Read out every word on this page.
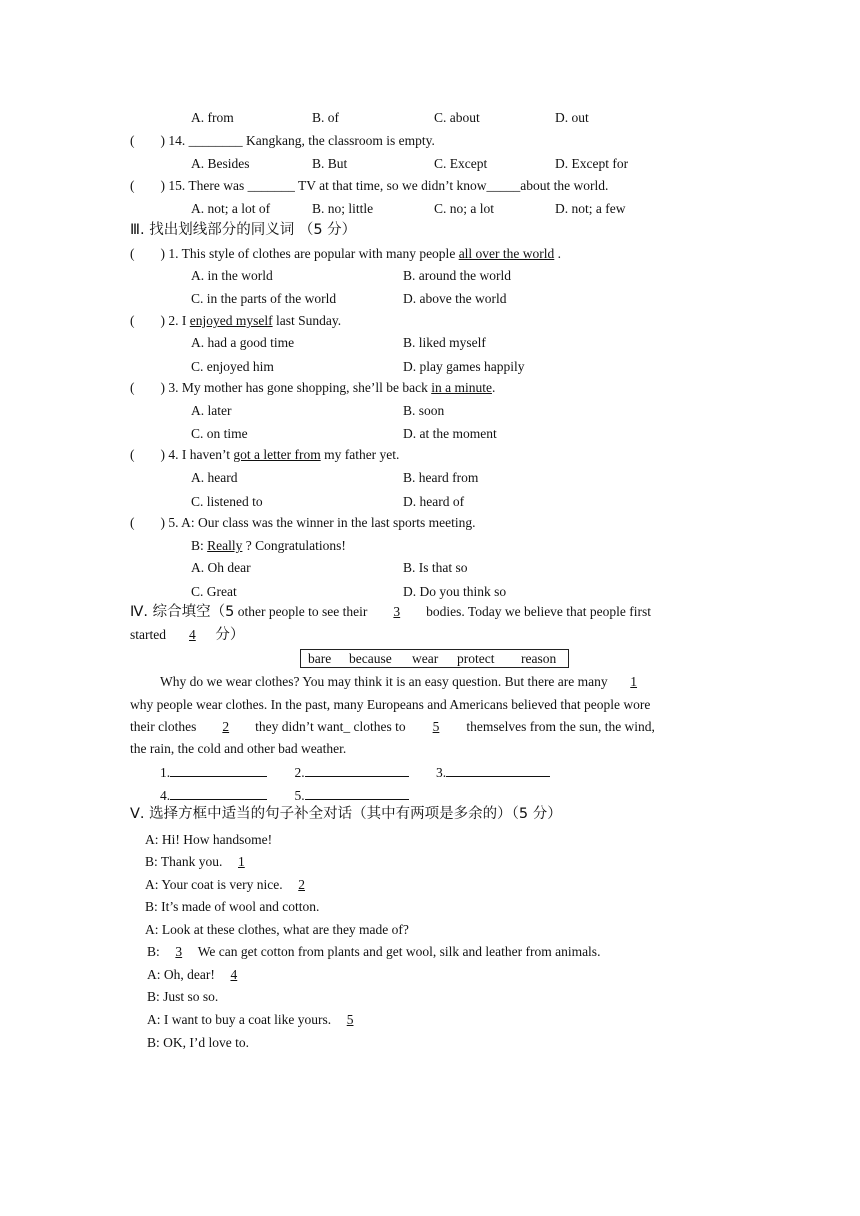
A. from	B. of	C. about	D. out
( ) 14. ________ Kangkang, the classroom is empty.
A. Besides	B. But	C. Except	D. Except for
( ) 15. There was _______ TV at that time, so we didn’t know_____about the world.
A. not; a lot of	B. no; little	C. no; a lot	D. not; a few
Ⅲ. 找出划线部分的同义词 （5 分）
( ) 1. This style of clothes are popular with many people all over the world .
A. in the world	B. around the world
C. in the parts of the world	D. above the world
( ) 2. I enjoyed myself last Sunday.
A. had a good time	B. liked myself
C. enjoyed him	D. play games happily
( ) 3. My mother has gone shopping, she’ll be back in a minute.
A. later	B. soon
C. on time	D. at the moment
( ) 4. I haven’t got a letter from my father yet.
A. heard	B. heard from
C. listened to	D. heard of
( ) 5. A: Our class was the winner in the last sports meeting.
B: Really ? Congratulations!
A. Oh dear	B. Is that so
C. Great	D. Do you think so
Ⅳ. 综合填空（5 other people to see their 3 bodies. Today we believe that people first
started 4 分）
bare because wear protect reason
Why do we wear clothes? You may think it is an easy question. But there are many 1
why people wear clothes. In the past, many Europeans and Americans believed that people wore
their clothes 2 they didn’t want_ clothes to 5 themselves from the sun, the wind,
the rain, the cold and other bad weather.
1.	2.	3.
4.	5.
Ⅴ. 选择方框中适当的句子补全对话（其中有两项是多余的）（5 分）
A: Hi! How handsome!
B: Thank you. 1
A: Your coat is very nice. 2
B: It’s made of wool and cotton.
A: Look at these clothes, what are they made of?
B: 3 We can get cotton from plants and get wool, silk and leather from animals.
A: Oh, dear! 4
B: Just so so.
A: I want to buy a coat like yours. 5
B: OK, I’d love to.
